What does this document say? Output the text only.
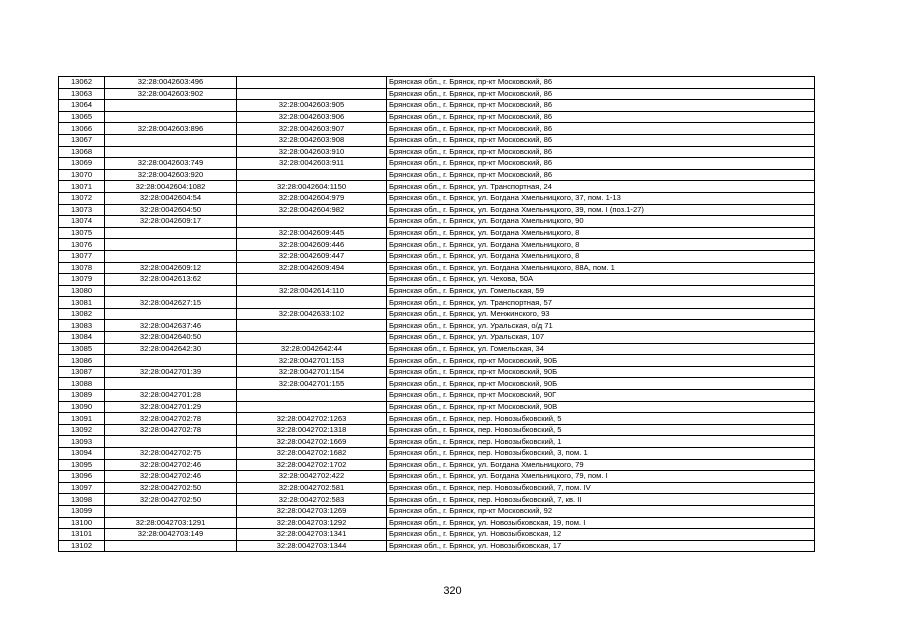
13062	32:28:0042603:496		Брянская обл., г. Брянск, пр-кт Московский, 86
13063	32:28:0042603:902		Брянская обл., г. Брянск, пр-кт Московский, 86
13064		32:28:0042603:905	Брянская обл., г. Брянск, пр-кт Московский, 86
13065		32:28:0042603:906	Брянская обл., г. Брянск, пр-кт Московский, 86
13066	32:28:0042603:896	32:28:0042603:907	Брянская обл., г. Брянск, пр-кт Московский, 86
13067		32:28:0042603:908	Брянская обл., г. Брянск, пр-кт Московский, 86
13068		32:28:0042603:910	Брянская обл., г. Брянск, пр-кт Московский, 86
13069	32:28:0042603:749	32:28:0042603:911	Брянская обл., г. Брянск, пр-кт Московский, 86
13070	32:28:0042603:920		Брянская обл., г. Брянск, пр-кт Московский, 86
13071	32:28:0042604:1082	32:28:0042604:1150	Брянская обл., г. Брянск, ул. Транспортная, 24
13072	32:28:0042604:54	32:28:0042604:979	Брянская обл., г. Брянск, ул. Богдана Хмельницкого, 37, пом. 1-13
13073	32:28:0042604:50	32:28:0042604:982	Брянская обл., г. Брянск, ул. Богдана Хмельницкого, 39, пом. I (поз.1-27)
13074	32:28:0042609:17		Брянская обл., г. Брянск, ул. Богдана Хмельницкого, 90
13075		32:28:0042609:445	Брянская обл., г. Брянск, ул. Богдана Хмельницкого, 8
13076		32:28:0042609:446	Брянская обл., г. Брянск, ул. Богдана Хмельницкого, 8
13077		32:28:0042609:447	Брянская обл., г. Брянск, ул. Богдана Хмельницкого, 8
13078	32:28:0042609:12	32:28:0042609:494	Брянская обл., г. Брянск, ул. Богдана Хмельницкого, 88А, пом. 1
13079	32:28:0042613:62		Брянская обл., г. Брянск, ул. Чехова, 50А
13080		32:28:0042614:110	Брянская обл., г. Брянск, ул. Гомельская, 59
13081	32:28:0042627:15		Брянская обл., г. Брянск, ул. Транспортная, 57
13082		32:28:0042633:102	Брянская обл., г. Брянск, ул. Менжинского, 93
13083	32:28:0042637:46		Брянская обл., г. Брянск, ул. Уральская, о/д 71
13084	32:28:0042640:50		Брянская обл., г. Брянск, ул. Уральская, 107
13085	32:28:0042642:30	32:28:0042642:44	Брянская обл., г. Брянск, ул. Гомельская, 34
13086		32:28:0042701:153	Брянская обл., г. Брянск, пр-кт Московский, 90Б
13087	32:28:0042701:39	32:28:0042701:154	Брянская обл., г. Брянск, пр-кт Московский, 90Б
13088		32:28:0042701:155	Брянская обл., г. Брянск, пр-кт Московский, 90Б
13089	32:28:0042701:28		Брянская обл., г. Брянск, пр-кт Московский, 90Г
13090	32:28:0042701:29		Брянская обл., г. Брянск, пр-кт Московский, 90В
13091	32:28:0042702:78	32:28:0042702:1263	Брянская обл., г. Брянск, пер. Новозыбковский, 5
13092	32:28:0042702:78	32:28:0042702:1318	Брянская обл., г. Брянск, пер. Новозыбковский, 5
13093		32:28:0042702:1669	Брянская обл., г. Брянск, пер. Новозыбковский, 1
13094	32:28:0042702:75	32:28:0042702:1682	Брянская обл., г. Брянск, пер. Новозыбковский, 3, пом. 1
13095	32:28:0042702:46	32:28:0042702:1702	Брянская обл., г. Брянск, ул. Богдана Хмельницкого, 79
13096	32:28:0042702:46	32:28:0042702:422	Брянская обл., г. Брянск, ул. Богдана Хмельницкого, 79, пом. I
13097	32:28:0042702:50	32:28:0042702:581	Брянская обл., г. Брянск, пер. Новозыбковский, 7, пом. IV
13098	32:28:0042702:50	32:28:0042702:583	Брянская обл., г. Брянск, пер. Новозыбковский, 7, кв. II
13099		32:28:0042703:1269	Брянская обл., г. Брянск, пр-кт Московский, 92
13100	32:28:0042703:1291	32:28:0042703:1292	Брянская обл., г. Брянск, ул. Новозыбковская, 19, пом. I
13101	32:28:0042703:149	32:28:0042703:1341	Брянская обл., г. Брянск, ул. Новозыбковская, 12
13102		32:28:0042703:1344	Брянская обл., г. Брянск, ул. Новозыбковская, 17
320
